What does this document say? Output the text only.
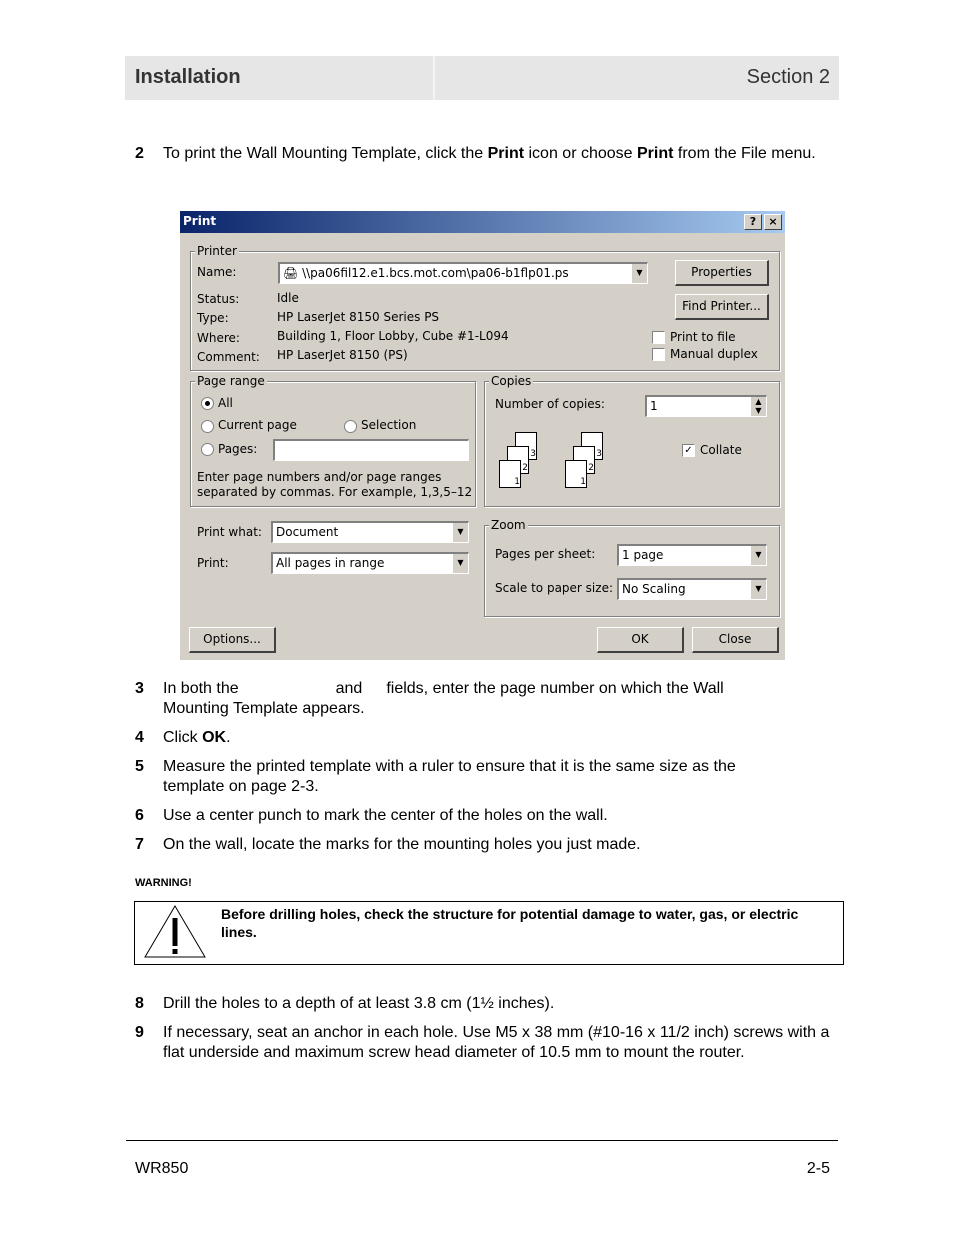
Installation	Section 2
2 To print the Wall Mounting Template, click the Print icon or choose Print from the File menu.
Print	?	×
Printer
Name:	🖨 \\pa06fil12.e1.bcs.mot.com\pa06-b1flp01.ps	▼
Status:	Idle
Type:	HP LaserJet 8150 Series PS
Where:	Building 1, Floor Lobby, Cube #1-L094
Comment: HP LaserJet 8150 (PS)
Properties
Find Printer...
Print to file
Manual duplex
Page range
All
Current page	Selection
Pages:
Enter page numbers and/or page ranges
separated by commas. For example, 1,3,5–12
Copies
Number of copies:	1	▲
▼
3
2
1
3
2
1
✓ Collate
Print what:	Document	▼
Print:	All pages in range	▼
Zoom
Pages per sheet:	1 page	▼
Scale to paper size: No Scaling	▼
Options...	OK	Close
3 In both the	and fields, enter the page number on which the Wall
Mounting Template appears.
4 Click OK.
5 Measure the printed template with a ruler to ensure that it is the same size as the template on page 2-3.
6 Use a center punch to mark the center of the holes on the wall.
7 On the wall, locate the marks for the mounting holes you just made.
WARNING!
Before drilling holes, check the structure for potential damage to water, gas, or electric lines.
8 Drill the holes to a depth of at least 3.8 cm (1½ inches).
9 If necessary, seat an anchor in each hole. Use M5 x 38 mm (#10-16 x 11/2 inch) screws with a flat underside and maximum screw head diameter of 10.5 mm to mount the router.
WR850	2-5
